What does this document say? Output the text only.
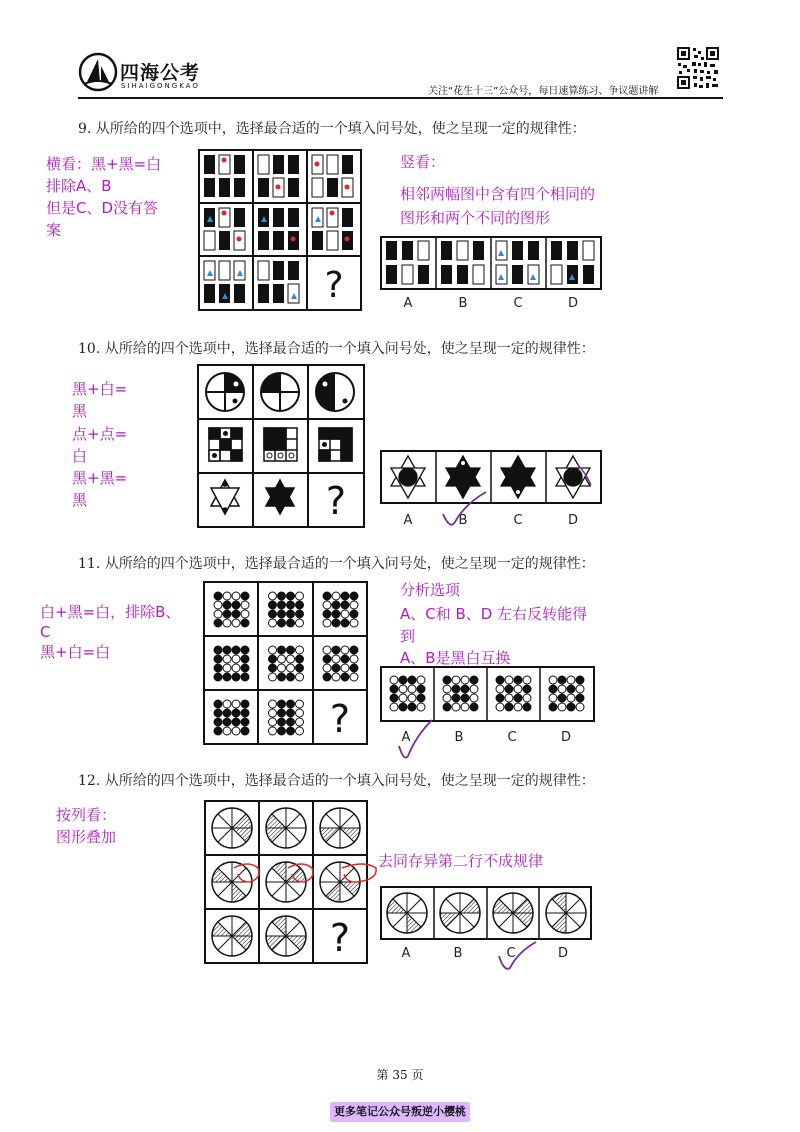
四海公考
SIHAIGONGKAO	关注“花生十三”公众号，每日速算练习、争议题讲解
9. 从所给的四个选项中，选择最合适的一个填入问号处，使之呈现一定的规律性：
横看：黑+黑=白
排除A、B
但是C、D没有答
案
竖看：
相邻两幅图中含有四个相同的
图形和两个不同的图形
?	A	B	C	D
10. 从所给的四个选项中，选择最合适的一个填入问号处，使之呈现一定的规律性：
黑+白=
黑
点+点=
白
黑+黑=
黑	?	A	B	C	D
11. 从所给的四个选项中，选择最合适的一个填入问号处，使之呈现一定的规律性：
白+黑=白，排除B、
C
黑+白=白
分析选项
A、C和 B、D 左右反转能得
到
A、B是黑白互换
?	A	B	C	D
12. 从所给的四个选项中，选择最合适的一个填入问号处，使之呈现一定的规律性：
按列看：
图形叠加
去同存异第二行不成规律
?	A	B	C	D
第 35 页
更多笔记公众号叛逆小樱桃
